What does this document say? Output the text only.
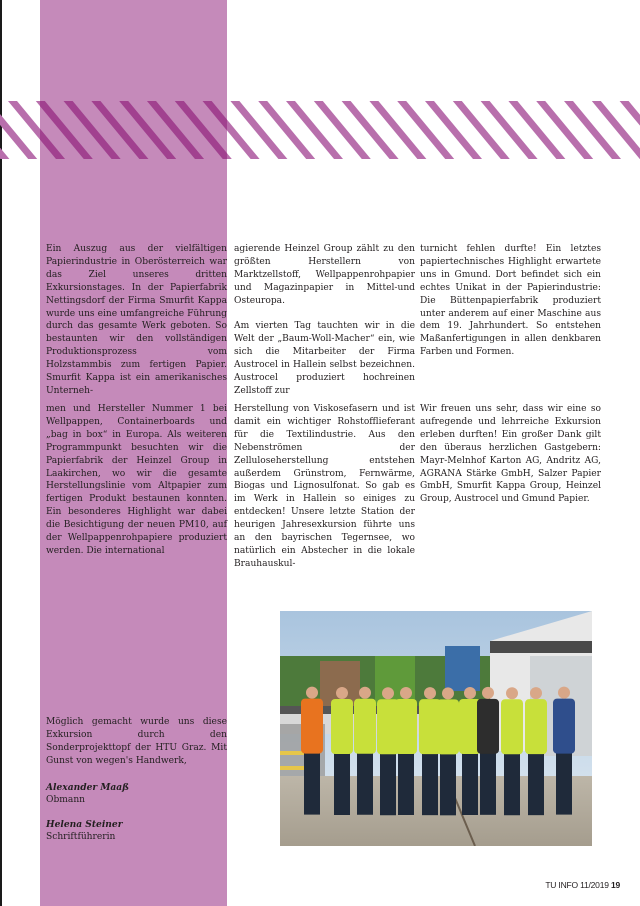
Ein Auszug aus der vielfältigen Papierindustrie in Oberösterreich war das Ziel unseres dritten Exkursionstages. In der Papierfabrik Nettingsdorf der Firma Smurfit Kappa wurde uns eine umfangreiche Führung durch das gesamte Werk geboten. So bestaunten wir den vollständigen Produktionsprozess vom Holzstammbis zum fertigen Papier. Smurfit Kappa ist ein amerikanisches Unterneh-

agierende Heinzel Group zählt zu den größten Herstellern von Marktzellstoff, Wellpappenrohpapier und Magazinpapier in Mittel-und Osteuropa.

Am vierten Tag tauchten wir in die Welt der „Baum-Woll-Macher“ ein, wie sich die Mitarbeiter der Firma Austrocel in Hallein selbst bezeichnen. Austrocel produziert hochreinen Zellstoff zur

turnicht fehlen durfte! Ein letztes papiertechnisches Highlight erwartete uns in Gmund. Dort befindet sich ein echtes Unikat in der Papierindustrie: Die Büttenpapierfabrik produziert unter anderem auf einer Maschine aus dem 19. Jahrhundert. So entstehen Maßanfertigungen in allen denkbaren Farben und Formen.

men und Hersteller Nummer 1 bei Wellpappen, Containerboards und „bag in box“ in Europa. Als weiteren Programmpunkt besuchten wir die Papierfabrik der Heinzel Group in Laakirchen, wo wir die gesamte Herstellungslinie vom Altpapier zum fertigen Produkt bestaunen konnten. Ein besonderes Highlight war dabei die Besichtigung der neuen PM10, auf der Wellpappenrohpapiere produziert werden. Die international

Herstellung von Viskosefasern und ist damit ein wichtiger Rohstofflieferant für die Textilindustrie. Aus den Nebenströmen der Zelluloseherstellung entstehen außerdem Grünstrom, Fernwärme, Biogas und Lignosulfonat. So gab es im Werk in Hallein so einiges zu entdecken! Unsere letzte Station der heurigen Jahresexkursion führte uns an den bayrischen Tegernsee, wo natürlich ein Abstecher in die lokale Brauhauskul-

Wir freuen uns sehr, dass wir eine so aufregende und lehrreiche Exkursion erleben durften! Ein großer Dank gilt den überaus herzlichen Gastgebern: Mayr-Melnhof Karton AG, Andritz AG, AGRANA Stärke GmbH, Salzer Papier GmbH, Smurfit Kappa Group, Heinzel Group, Austrocel und Gmund Papier.

Möglich gemacht wurde uns diese Exkursion durch den Sonderprojekttopf der HTU Graz. Mit Gunst von wegen's Handwerk,

Alexander Maaß
Obmann
Helena Steiner
Schriftführerin
TU INFO 11/2019 19
